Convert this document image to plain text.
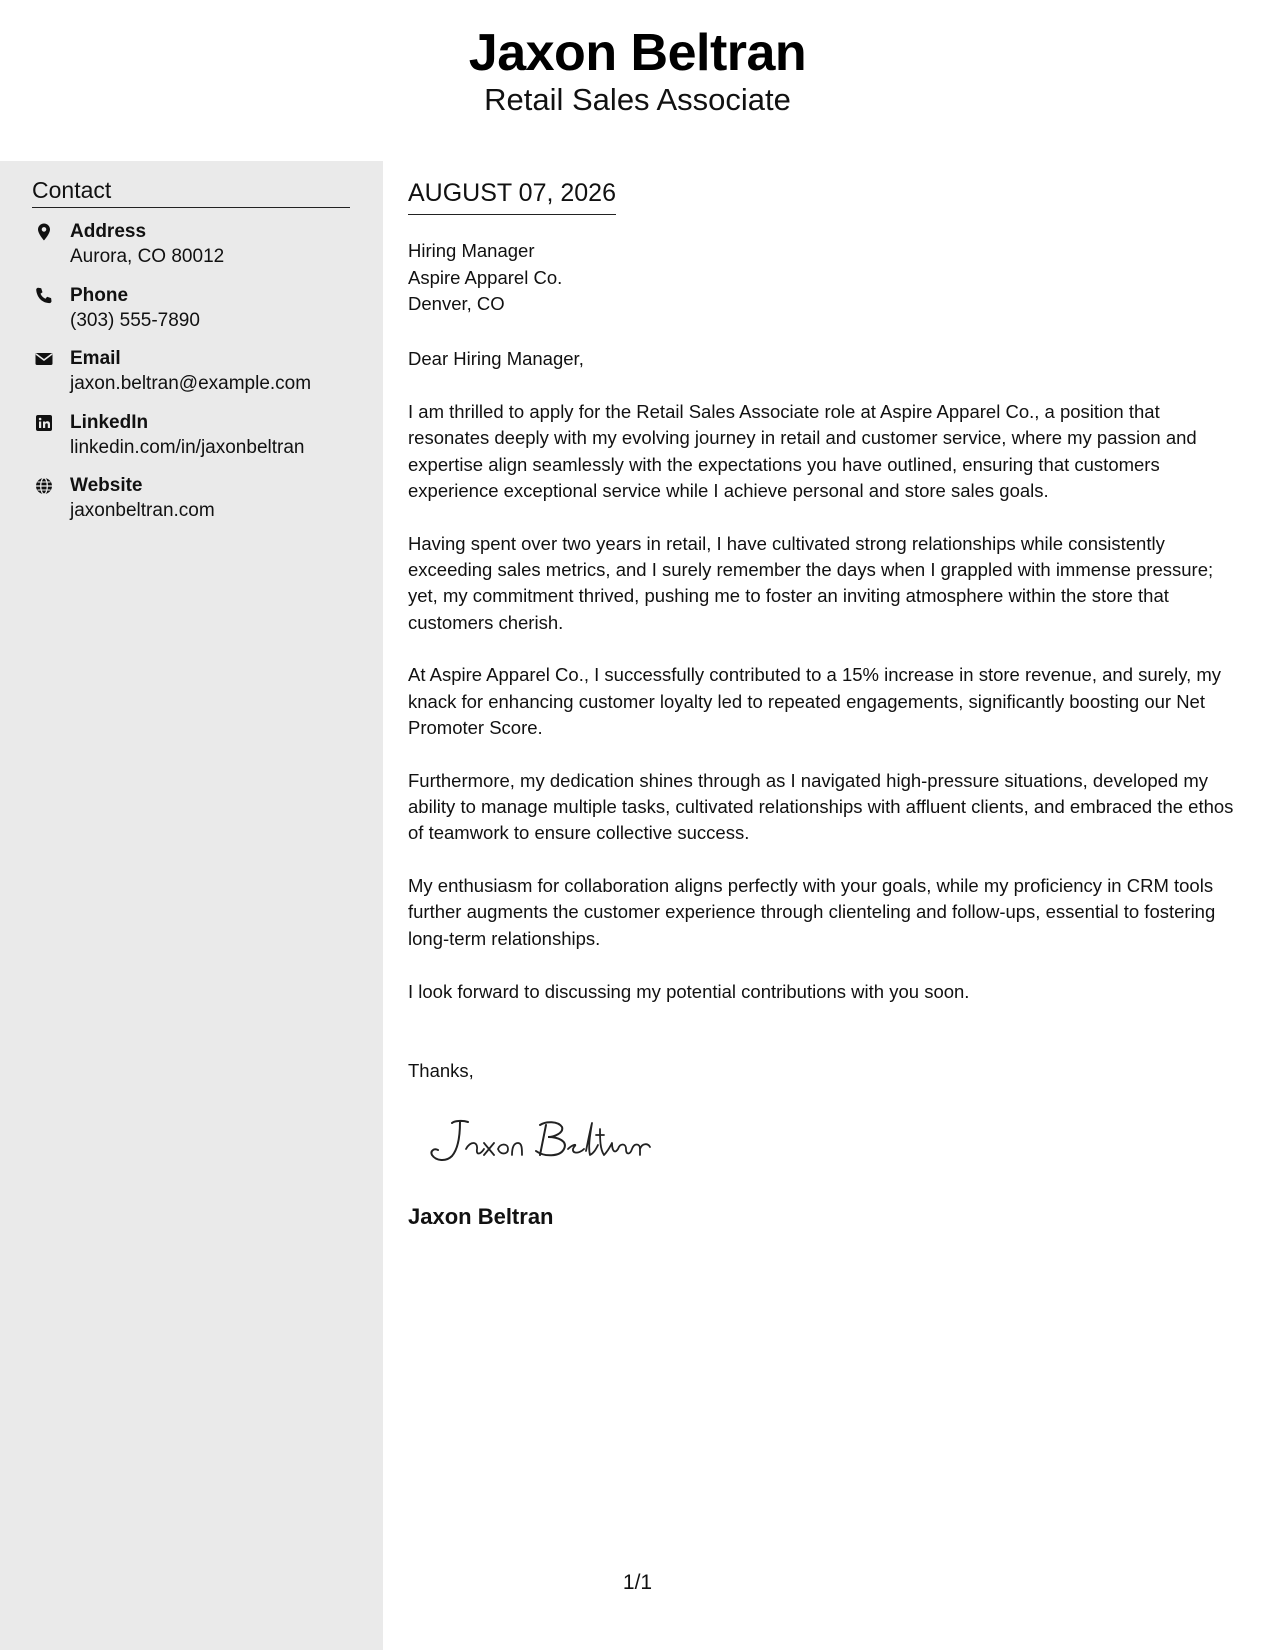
Jaxon Beltran
Retail Sales Associate
Contact
Address
Aurora, CO 80012
Phone
(303) 555-7890
Email
jaxon.beltran@example.com
LinkedIn
linkedin.com/in/jaxonbeltran
Website
jaxonbeltran.com
AUGUST 07, 2026
Hiring Manager
Aspire Apparel Co.
Denver, CO
Dear Hiring Manager,

I am thrilled to apply for the Retail Sales Associate role at Aspire Apparel Co., a position that resonates deeply with my evolving journey in retail and customer service, where my passion and expertise align seamlessly with the expectations you have outlined, ensuring that customers experience exceptional service while I achieve personal and store sales goals.

Having spent over two years in retail, I have cultivated strong relationships while consistently exceeding sales metrics, and I surely remember the days when I grappled with immense pressure; yet, my commitment thrived, pushing me to foster an inviting atmosphere within the store that customers cherish.

At Aspire Apparel Co., I successfully contributed to a 15% increase in store revenue, and surely, my knack for enhancing customer loyalty led to repeated engagements, significantly boosting our Net Promoter Score.

Furthermore, my dedication shines through as I navigated high-pressure situations, developed my ability to manage multiple tasks, cultivated relationships with affluent clients, and embraced the ethos of teamwork to ensure collective success.

My enthusiasm for collaboration aligns perfectly with your goals, while my proficiency in CRM tools further augments the customer experience through clienteling and follow-ups, essential to fostering long-term relationships.

I look forward to discussing my potential contributions with you soon.

Thanks,
Jaxon Beltran
1/1
